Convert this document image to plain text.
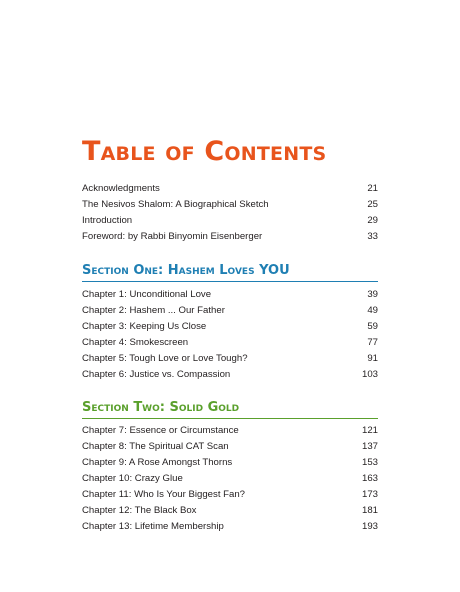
Table of Contents
Acknowledgments	21
The Nesivos Shalom: A Biographical Sketch	25
Introduction	29
Foreword: by Rabbi Binyomin Eisenberger	33
Section One: Hashem Loves YOU
Chapter 1: Unconditional Love	39
Chapter 2: Hashem ... Our Father	49
Chapter 3: Keeping Us Close	59
Chapter 4: Smokescreen	77
Chapter 5: Tough Love or Love Tough?	91
Chapter 6: Justice vs. Compassion	103
Section Two: Solid Gold
Chapter 7: Essence or Circumstance	121
Chapter 8: The Spiritual CAT Scan	137
Chapter 9: A Rose Amongst Thorns	153
Chapter 10: Crazy Glue	163
Chapter 11: Who Is Your Biggest Fan?	173
Chapter 12: The Black Box	181
Chapter 13: Lifetime Membership	193
